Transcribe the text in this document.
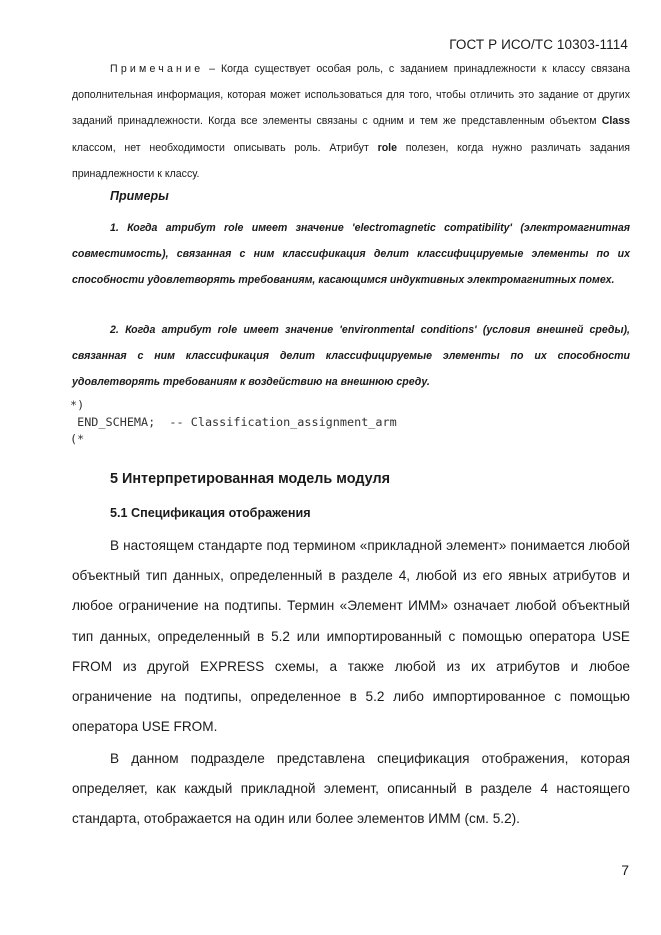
ГОСТ Р ИСО/ТС 10303-1114

Примечание – Когда существует особая роль, с заданием принадлежности к классу связана дополнительная информация, которая может использоваться для того, чтобы отличить это задание от других заданий принадлежности. Когда все элементы связаны с одним и тем же представленным объектом Class классом, нет необходимости описывать роль. Атрибут role полезен, когда нужно различать задания принадлежности к классу.

Примеры

1. Когда атрибут role имеет значение 'electromagnetic compatibility' (электромагнитная совместимость), связанная с ним классификация делит классифицируемые элементы по их способности удовлетворять требованиям, касающимся индуктивных электромагнитных помех.

2. Когда атрибут role имеет значение 'environmental conditions' (условия внешней среды), связанная с ним классификация делит классифицируемые элементы по их способности удовлетворять требованиям к воздействию на внешнюю среду.

*)
END_SCHEMA;  -- Classification_assignment_arm
(*
5 Интерпретированная модель модуля
5.1 Спецификация отображения

В настоящем стандарте под термином «прикладной элемент» понимается любой объектный тип данных, определенный в разделе 4, любой из его явных атрибутов и любое ограничение на подтипы. Термин «Элемент ИММ» означает любой объектный тип данных, определенный в 5.2 или импортированный с помощью оператора USE FROM из другой EXPRESS схемы, а также любой из их атрибутов и любое ограничение на подтипы, определенное в 5.2 либо импортированное с помощью оператора USE FROM.

В данном подразделе представлена спецификация отображения, которая определяет, как каждый прикладной элемент, описанный в разделе 4 настоящего стандарта, отображается на один или более элементов ИММ (см. 5.2).

7
